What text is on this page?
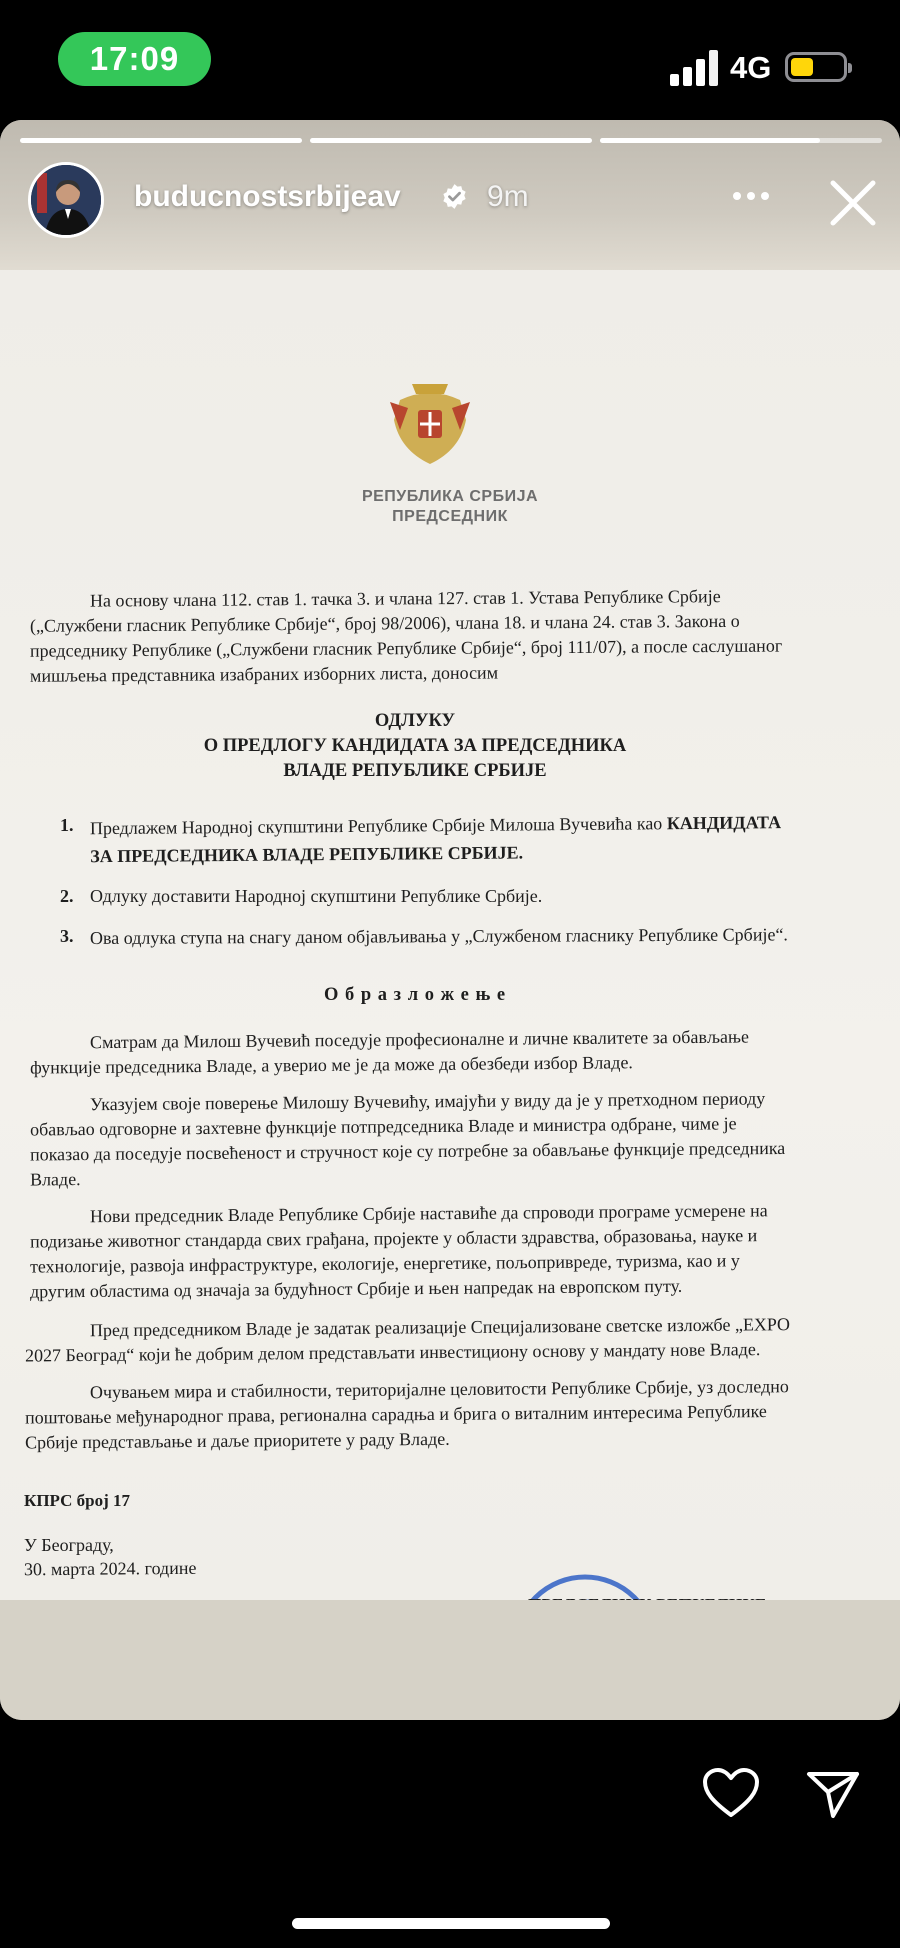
17:09	4G
buducnostsrbijeav	9m
РЕПУБЛИКА СРБИЈА
ПРЕДСЕДНИК
На основу члана 112. став 1. тачка 3. и члана 127. став 1. Устава Републике Србије
(„Службени гласник Републике Србије“, број 98/2006), члана 18. и члана 24. став 3. Закона о
председнику Републике („Службени гласник Републике Србије“, број 111/07), а после саслушаног
мишљења представника изабраних изборних листа, доносим
ОДЛУКУ
О ПРЕДЛОГУ КАНДИДАТА ЗА ПРЕДСЕДНИКА
ВЛАДЕ РЕПУБЛИКЕ СРБИЈЕ
1. Предлажем Народној скупштини Републике Србије Милоша Вучевића као КАНДИДАТА
ЗА ПРЕДСЕДНИКА ВЛАДЕ РЕПУБЛИКЕ СРБИЈЕ.
2. Одлуку доставити Народној скупштини Републике Србије.
3. Ова одлука ступа на снагу даном објављивања у „Службеном гласнику Републике Србије“.
О б р а з л о ж е њ е
Сматрам да Милош Вучевић поседује професионалне и личне квалитете за обављање
функције председника Владе, а уверио ме је да може да обезбеди избор Владе.
Указујем своје поверење Милошу Вучевићу, имајући у виду да је у претходном периоду
обављао одговорне и захтевне функције потпредседника Владе и министра одбране, чиме је
показао да поседује посвећеност и стручност које су потребне за обављање функције председника
Владе.
Нови председник Владе Републике Србије наставиће да спроводи програме усмерене на
подизање животног стандарда свих грађана, пројекте у области здравства, образовања, науке и
технологије, развоја инфраструктуре, екологије, енергетике, пољопривреде, туризма, као и у
другим областима од значаја за будућност Србије и њен напредак на европском путу.
Пред председником Владе је задатак реализације Специјализоване светске изложбе „EXPO
2027 Београд“ који ће добрим делом представљати инвестициону основу у мандату нове Владе.
Очувањем мира и стабилности, територијалне целовитости Републике Србије, уз доследно
поштовање међународног права, регионална сарадња и брига о виталним интересима Републике
Србије представљање и даље приоритете у раду Владе.
КПРС број 17
У Београду,
30. марта 2024. године
